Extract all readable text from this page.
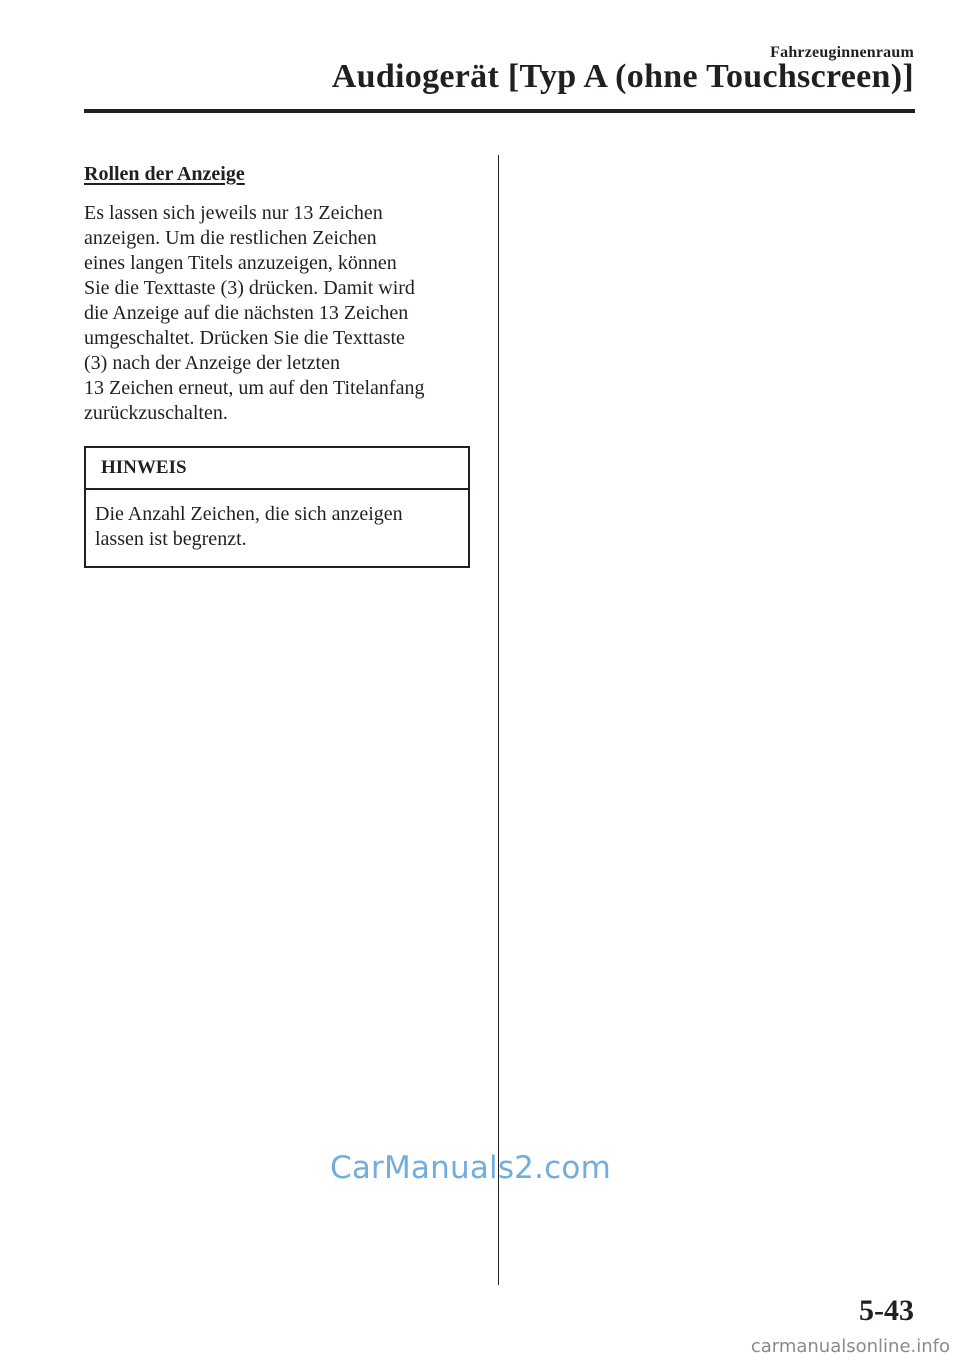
Fahrzeuginnenraum
Audiogerät [Typ A (ohne Touchscreen)]
Rollen der Anzeige

Es lassen sich jeweils nur 13 Zeichen
anzeigen. Um die restlichen Zeichen
eines langen Titels anzuzeigen, können
Sie die Texttaste (3) drücken. Damit wird
die Anzeige auf die nächsten 13 Zeichen
umgeschaltet. Drücken Sie die Texttaste
(3) nach der Anzeige der letzten
13 Zeichen erneut, um auf den Titelanfang
zurückzuschalten.

HINWEIS
Die Anzahl Zeichen, die sich anzeigen
lassen ist begrenzt.
CarManuals2.com
5-43
carmanualsonline.info
